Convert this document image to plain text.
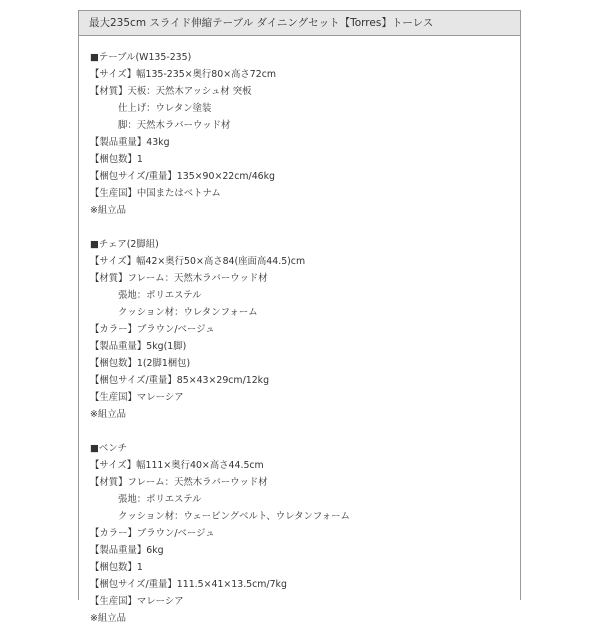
最大235cm スライド伸縮テーブル ダイニングセット【Torres】トーレス
■テーブル(W135-235)
【サイズ】幅135-235×奥行80×高さ72cm
【材質】天板：天然木アッシュ材 突板
仕上げ：ウレタン塗装
脚：天然木ラバーウッド材
【製品重量】43kg
【梱包数】1
【梱包サイズ/重量】135×90×22cm/46kg
【生産国】中国またはベトナム
※組立品
■チェア(2脚組)
【サイズ】幅42×奥行50×高さ84(座面高44.5)cm
【材質】フレーム：天然木ラバーウッド材
張地：ポリエステル
クッション材：ウレタンフォーム
【カラー】ブラウン/ベージュ
【製品重量】5kg(1脚)
【梱包数】1(2脚1梱包)
【梱包サイズ/重量】85×43×29cm/12kg
【生産国】マレーシア
※組立品
■ベンチ
【サイズ】幅111×奥行40×高さ44.5cm
【材質】フレーム：天然木ラバーウッド材
張地：ポリエステル
クッション材：ウェービングベルト、ウレタンフォーム
【カラー】ブラウン/ベージュ
【製品重量】6kg
【梱包数】1
【梱包サイズ/重量】111.5×41×13.5cm/7kg
【生産国】マレーシア
※組立品
